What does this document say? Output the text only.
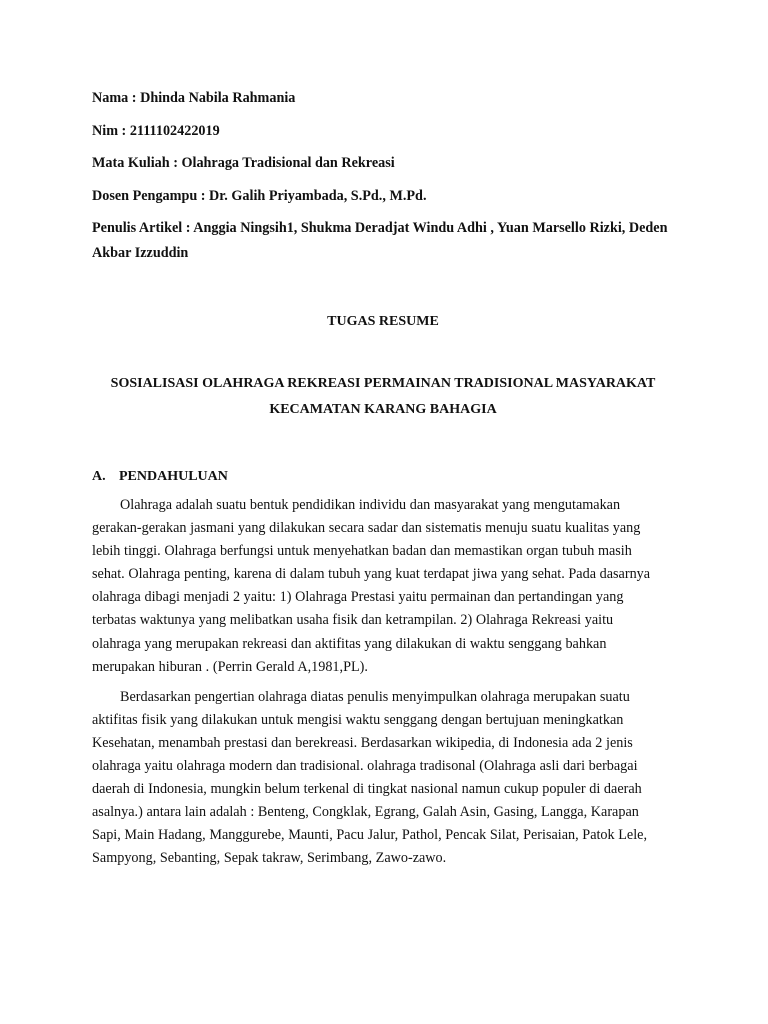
Nama : Dhinda Nabila Rahmania

Nim : 2111102422019

Mata Kuliah : Olahraga Tradisional dan Rekreasi

Dosen Pengampu : Dr. Galih Priyambada, S.Pd., M.Pd.

Penulis Artikel : Anggia Ningsih1, Shukma Deradjat Windu Adhi , Yuan Marsello Rizki, Deden
Akbar Izzuddin

TUGAS RESUME

SOSIALISASI OLAHRAGA REKREASI PERMAINAN TRADISIONAL MASYARAKAT
KECAMATAN KARANG BAHAGIA

A. PENDAHULUAN

Olahraga adalah suatu bentuk pendidikan individu dan masyarakat yang mengutamakan
gerakan-gerakan jasmani yang dilakukan secara sadar dan sistematis menuju suatu kualitas yang
lebih tinggi. Olahraga berfungsi untuk menyehatkan badan dan memastikan organ tubuh masih
sehat. Olahraga penting, karena di dalam tubuh yang kuat terdapat jiwa yang sehat. Pada dasarnya
olahraga dibagi menjadi 2 yaitu: 1) Olahraga Prestasi yaitu permainan dan pertandingan yang
terbatas waktunya yang melibatkan usaha fisik dan ketrampilan. 2) Olahraga Rekreasi yaitu
olahraga yang merupakan rekreasi dan aktifitas yang dilakukan di waktu senggang bahkan
merupakan hiburan . (Perrin Gerald A,1981,PL).

Berdasarkan pengertian olahraga diatas penulis menyimpulkan olahraga merupakan suatu
aktifitas fisik yang dilakukan untuk mengisi waktu senggang dengan bertujuan meningkatkan
Kesehatan, menambah prestasi dan berekreasi. Berdasarkan wikipedia, di Indonesia ada 2 jenis
olahraga yaitu olahraga modern dan tradisional. olahraga tradisonal (Olahraga asli dari berbagai
daerah di Indonesia, mungkin belum terkenal di tingkat nasional namun cukup populer di daerah
asalnya.) antara lain adalah : Benteng, Congklak, Egrang, Galah Asin, Gasing, Langga, Karapan
Sapi, Main Hadang, Manggurebe, Maunti, Pacu Jalur, Pathol, Pencak Silat, Perisaian, Patok Lele,
Sampyong, Sebanting, Sepak takraw, Serimbang, Zawo-zawo.
